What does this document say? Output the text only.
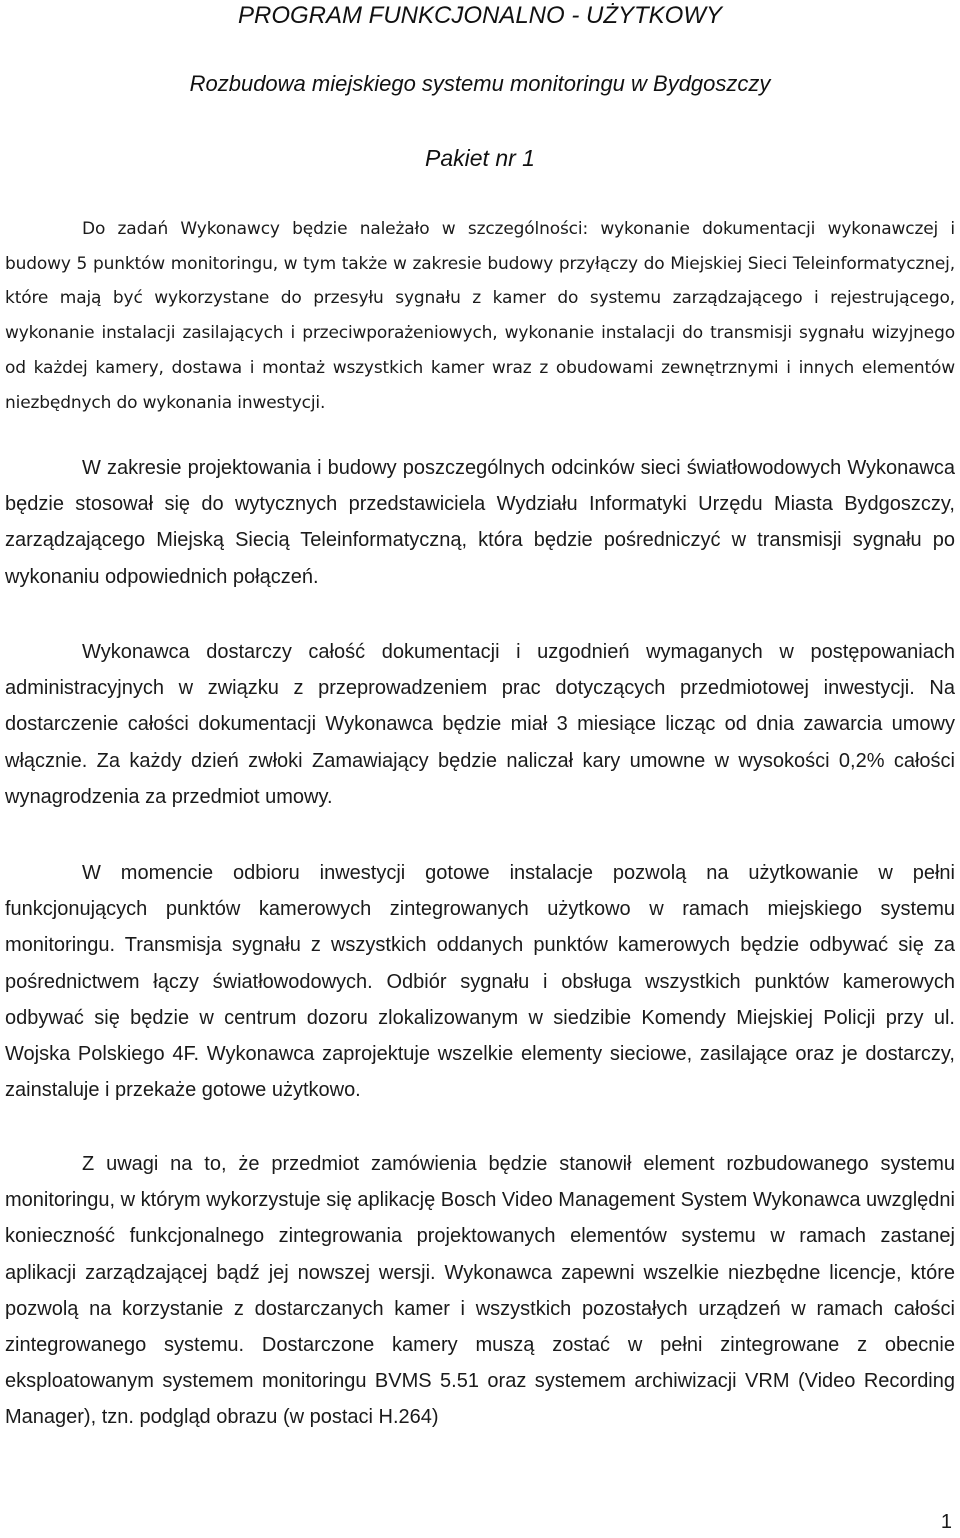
PROGRAM FUNKCJONALNO - UŻYTKOWY
Rozbudowa miejskiego systemu monitoringu w Bydgoszczy
Pakiet nr 1

Do zadań Wykonawcy będzie należało w szczególności: wykonanie dokumentacji wykonawczej i budowy 5 punktów monitoringu, w tym także w zakresie budowy przyłączy do Miejskiej Sieci Teleinformatycznej, które mają być wykorzystane do przesyłu sygnału z kamer do systemu zarządzającego i rejestrującego, wykonanie instalacji zasilających i przeciwporażeniowych, wykonanie instalacji do transmisji sygnału wizyjnego od każdej kamery, dostawa i montaż wszystkich kamer wraz z obudowami zewnętrznymi i innych elementów niezbędnych do wykonania inwestycji.

W zakresie projektowania i budowy poszczególnych odcinków sieci światłowodowych Wykonawca będzie stosował się do wytycznych przedstawiciela Wydziału Informatyki Urzędu Miasta Bydgoszczy, zarządzającego Miejską Siecią Teleinformatyczną, która będzie pośredniczyć w transmisji sygnału po wykonaniu odpowiednich połączeń.

Wykonawca dostarczy całość dokumentacji i uzgodnień wymaganych w postępowaniach administracyjnych w związku z przeprowadzeniem prac dotyczących przedmiotowej inwestycji. Na dostarczenie całości dokumentacji Wykonawca będzie miał 3 miesiące licząc od dnia zawarcia umowy włącznie. Za każdy dzień zwłoki Zamawiający będzie naliczał kary umowne w wysokości 0,2% całości wynagrodzenia za przedmiot umowy.

W momencie odbioru inwestycji gotowe instalacje pozwolą na użytkowanie w pełni funkcjonujących punktów kamerowych zintegrowanych użytkowo w ramach miejskiego systemu monitoringu. Transmisja sygnału z wszystkich oddanych punktów kamerowych będzie odbywać się za pośrednictwem łączy światłowodowych. Odbiór sygnału i obsługa wszystkich punktów kamerowych odbywać się będzie w centrum dozoru zlokalizowanym w siedzibie Komendy Miejskiej Policji przy ul. Wojska Polskiego 4F. Wykonawca zaprojektuje wszelkie elementy sieciowe, zasilające oraz je dostarczy, zainstaluje i przekaże gotowe użytkowo.

Z uwagi na to, że przedmiot zamówienia będzie stanowił element rozbudowanego systemu monitoringu, w którym wykorzystuje się aplikację Bosch Video Management System Wykonawca uwzględni konieczność funkcjonalnego zintegrowania projektowanych elementów systemu w ramach zastanej aplikacji zarządzającej bądź jej nowszej wersji. Wykonawca zapewni wszelkie niezbędne licencje, które pozwolą na korzystanie z dostarczanych kamer i wszystkich pozostałych urządzeń w ramach całości zintegrowanego systemu. Dostarczone kamery muszą zostać w pełni zintegrowane z obecnie eksploatowanym systemem monitoringu BVMS 5.51 oraz systemem archiwizacji VRM (Video Recording Manager), tzn. podgląd obrazu (w postaci H.264)

1
